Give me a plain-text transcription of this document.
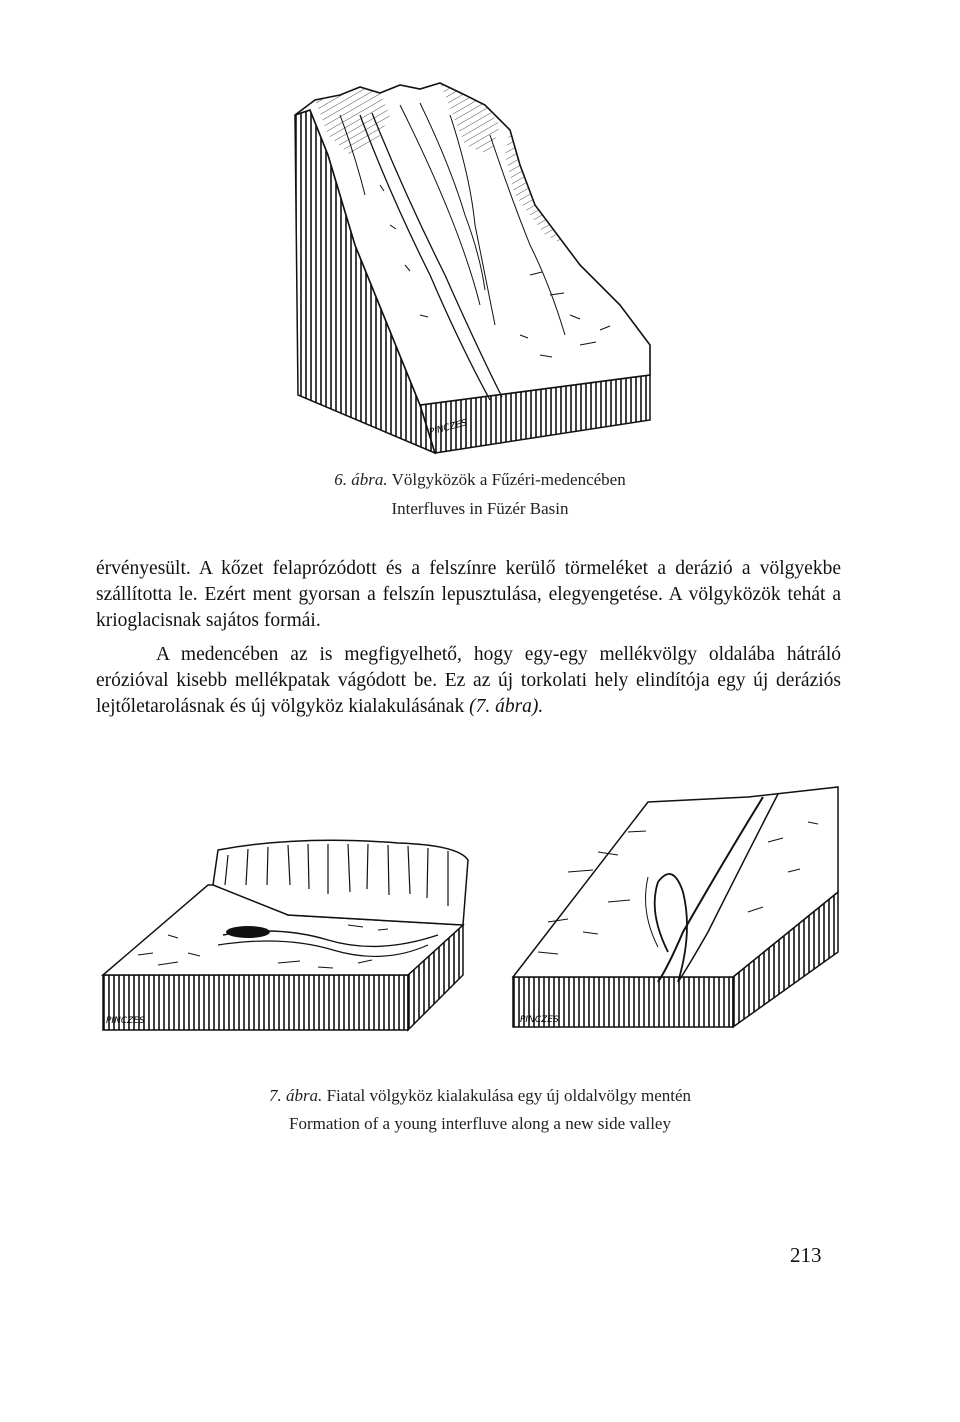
PINCZES
6. ábra. Völgyközök a Fűzéri-medencében
Interfluves in Füzér Basin

érvényesült. A kőzet felaprózódott és a felszínre kerülő törmeléket a derázió a völgyekbe szállította le. Ezért ment gyorsan a felszín lepusztulása, elegyengetése. A völgyközök tehát a krioglacisnak sajátos formái.

A medencében az is megfigyelhető, hogy egy-egy mellékvölgy oldalába hátráló erózióval kisebb mellékpatak vágódott be. Ez az új torkolati hely elindítója egy új deráziós lejtőletarolásnak és új völgyköz kialakulásának (7. ábra).

PINCZES	PINCZES
7. ábra. Fiatal völgyköz kialakulása egy új oldalvölgy mentén
Formation of a young interfluve along a new side valley
213
